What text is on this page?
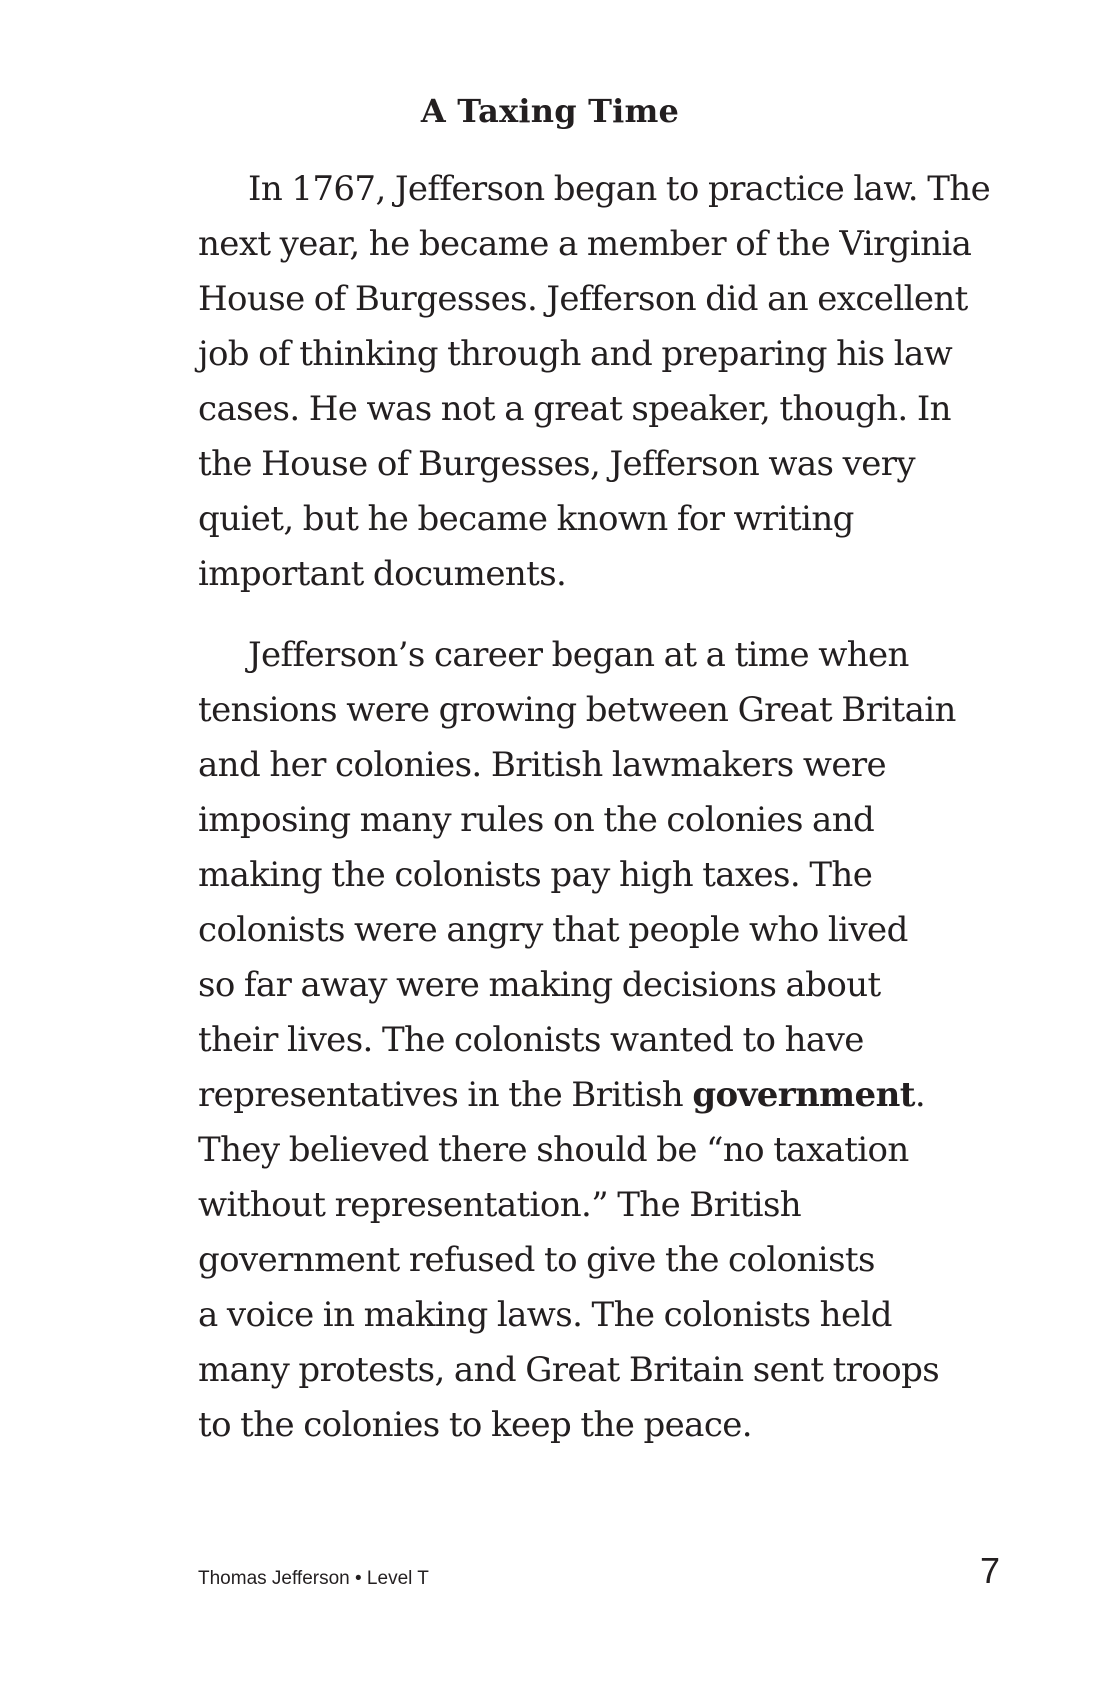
A Taxing Time

In 1767, Jefferson began to practice law. The
next year, he became a member of the Virginia
House of Burgesses. Jefferson did an excellent
job of thinking through and preparing his law
cases. He was not a great speaker, though. In
the House of Burgesses, Jefferson was very
quiet, but he became known for writing
important documents.

Jefferson’s career began at a time when
tensions were growing between Great Britain
and her colonies. British lawmakers were
imposing many rules on the colonies and
making the colonists pay high taxes. The
colonists were angry that people who lived
so far away were making decisions about
their lives. The colonists wanted to have
representatives in the British government.
They believed there should be “no taxation
without representation.” The British
government refused to give the colonists
a voice in making laws. The colonists held
many protests, and Great Britain sent troops
to the colonies to keep the peace.

Thomas Jefferson • Level T	7
